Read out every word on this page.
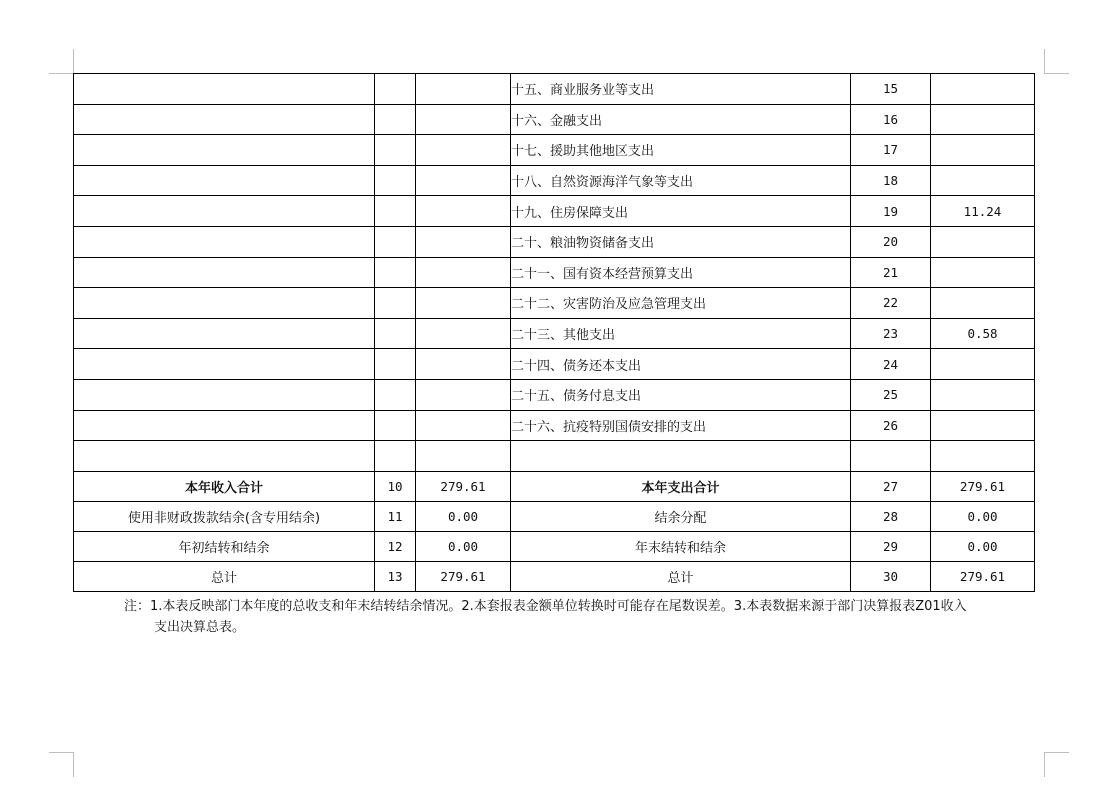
			十五、商业服务业等支出	15	
			十六、金融支出	16	
			十七、援助其他地区支出	17	
			十八、自然资源海洋气象等支出	18	
			十九、住房保障支出	19	11.24
			二十、粮油物资储备支出	20	
			二十一、国有资本经营预算支出	21	
			二十二、灾害防治及应急管理支出	22	
			二十三、其他支出	23	0.58
			二十四、债务还本支出	24	
			二十五、债务付息支出	25	
			二十六、抗疫特别国债安排的支出	26	

本年收入合计	10	279.61	本年支出合计	27	279.61
使用非财政拨款结余(含专用结余)	11	0.00	结余分配	28	0.00
年初结转和结余	12	0.00	年末结转和结余	29	0.00
总计	13	279.61	总计	30	279.61
注：1.本表反映部门本年度的总收支和年末结转结余情况。2.本套报表金额单位转换时可能存在尾数误差。3.本表数据来源于部门决算报表Z01收入
支出决算总表。
